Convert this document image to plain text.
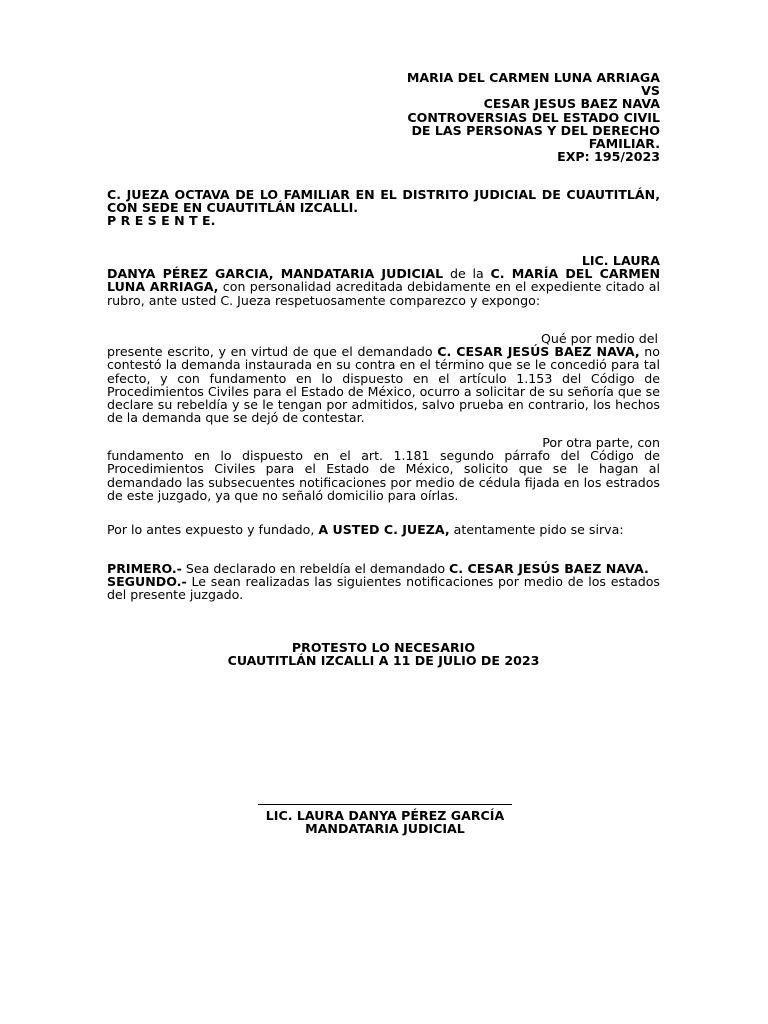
MARIA DEL CARMEN LUNA ARRIAGA
VS
CESAR JESUS BAEZ NAVA
CONTROVERSIAS DEL ESTADO CIVIL
DE LAS PERSONAS Y DEL DERECHO
FAMILIAR.
EXP: 195/2023

C. JUEZA OCTAVA DE LO FAMILIAR EN EL DISTRITO JUDICIAL DE CUAUTITLÁN, CON SEDE EN CUAUTITLÁN IZCALLI.

P R E S E N T E.

LIC. LAURA

DANYA PÉREZ GARCIA, MANDATARIA JUDICIAL de la C. MARÍA DEL CARMEN LUNA ARRIAGA, con personalidad acreditada debidamente en el expediente citado al rubro, ante usted C. Jueza respetuosamente comparezco y expongo:

Qué por medio del

presente escrito, y en virtud de que el demandado C. CESAR JESÚS BAEZ NAVA, no contestó la demanda instaurada en su contra en el término que se le concedió para tal efecto, y con fundamento en lo dispuesto en el artículo 1.153 del Código de Procedimientos Civiles para el Estado de México, ocurro a solicitar de su señoría que se declare su rebeldía y se le tengan por admitidos, salvo prueba en contrario, los hechos de la demanda que se dejó de contestar.

Por otra parte, con

fundamento en lo dispuesto en el art. 1.181 segundo párrafo del Código de Procedimientos Civiles para el Estado de México, solicito que se le hagan al demandado las subsecuentes notificaciones por medio de cédula fijada en los estrados de este juzgado, ya que no señaló domicilio para oírlas.

Por lo antes expuesto y fundado, A USTED C. JUEZA, atentamente pido se sirva:

PRIMERO.- Sea declarado en rebeldía el demandado C. CESAR JESÚS BAEZ NAVA.

SEGUNDO.- Le sean realizadas las siguientes notificaciones por medio de los estados del presente juzgado.

PROTESTO LO NECESARIO
CUAUTITLÁN IZCALLI A 11 DE JULIO DE 2023
LIC. LAURA DANYA PÉREZ GARCÍA
MANDATARIA JUDICIAL
